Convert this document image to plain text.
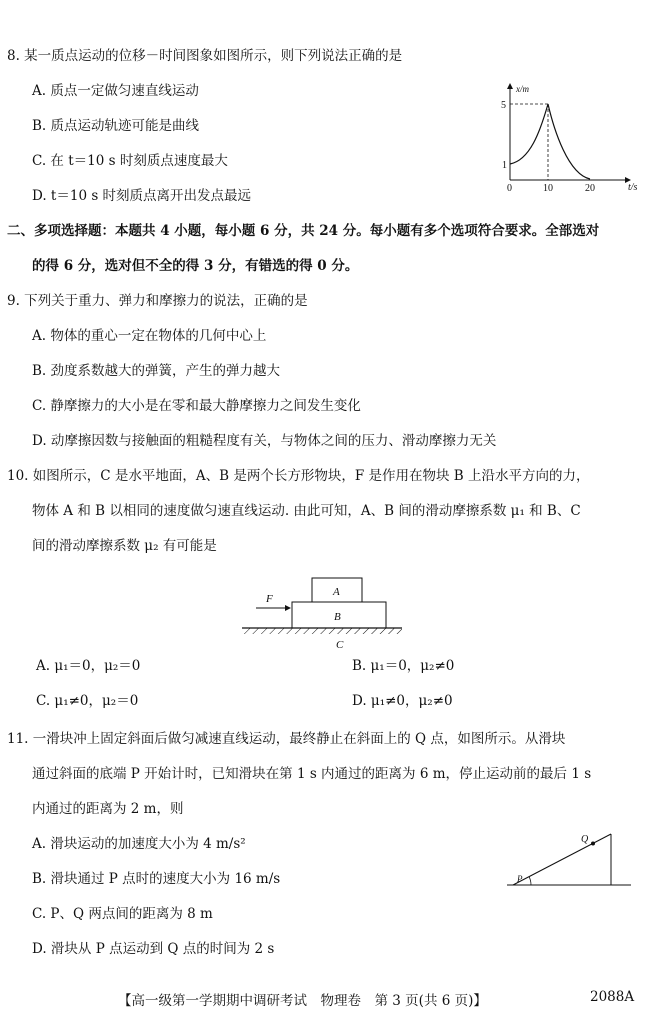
8. 某一质点运动的位移－时间图象如图所示，则下列说法正确的是
A. 质点一定做匀速直线运动
B. 质点运动轨迹可能是曲线
C. 在 t＝10 s 时刻质点速度最大
D. t＝10 s 时刻质点离开出发点最远
x/m
t/s
5
1
0	10	20
二、多项选择题：本题共 4 小题，每小题 6 分，共 24 分。每小题有多个选项符合要求。全部选对
的得 6 分，选对但不全的得 3 分，有错选的得 0 分。
9. 下列关于重力、弹力和摩擦力的说法，正确的是
A. 物体的重心一定在物体的几何中心上
B. 劲度系数越大的弹簧，产生的弹力越大
C. 静摩擦力的大小是在零和最大静摩擦力之间发生变化
D. 动摩擦因数与接触面的粗糙程度有关，与物体之间的压力、滑动摩擦力无关
10. 如图所示，C 是水平地面，A、B 是两个长方形物块，F 是作用在物块 B 上沿水平方向的力，
物体 A 和 B 以相同的速度做匀速直线运动. 由此可知，A、B 间的滑动摩擦系数 μ₁ 和 B、C
间的滑动摩擦系数 μ₂ 有可能是
F
A
B
C
A. μ₁＝0，μ₂＝0	B. μ₁＝0，μ₂≠0
C. μ₁≠0，μ₂＝0	D. μ₁≠0，μ₂≠0
11. 一滑块冲上固定斜面后做匀减速直线运动，最终静止在斜面上的 Q 点，如图所示。从滑块
通过斜面的底端 P 开始计时，已知滑块在第 1 s 内通过的距离为 6 m，停止运动前的最后 1 s
内通过的距离为 2 m，则
A. 滑块运动的加速度大小为 4 m/s²
B. 滑块通过 P 点时的速度大小为 16 m/s
C. P、Q 两点间的距离为 8 m
D. 滑块从 P 点运动到 Q 点的时间为 2 s
Q
P
【高一级第一学期期中调研考试　物理卷　第 3 页(共 6 页)】	2088A
